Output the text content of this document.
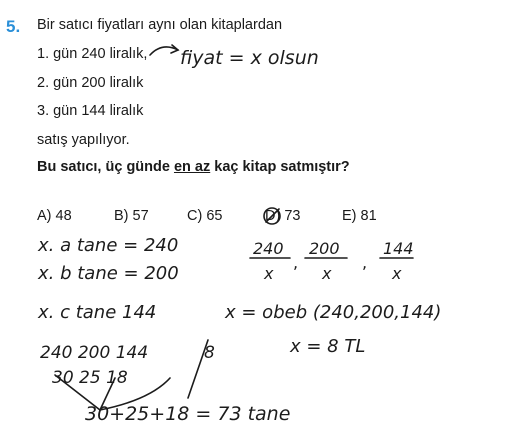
5. Bir satıcı fiyatları aynı olan kitaplardan
1. gün 240 liralık,
2. gün 200 liralık
3. gün 144 liralık
satış yapılıyor.
Bu satıcı, üç günde en az kaç kitap satmıştır?
A) 48	B) 57	C) 65	D) 73	E) 81
fiyat = x olsun
x. a tane = 240
x. b tane = 200
x. c tane 144
240
x
,
200
x
,
144
x
x = obeb (240,200,144)
x = 8 TL
240 200 144	8
30 25 18
30+25+18 = 73 tane
